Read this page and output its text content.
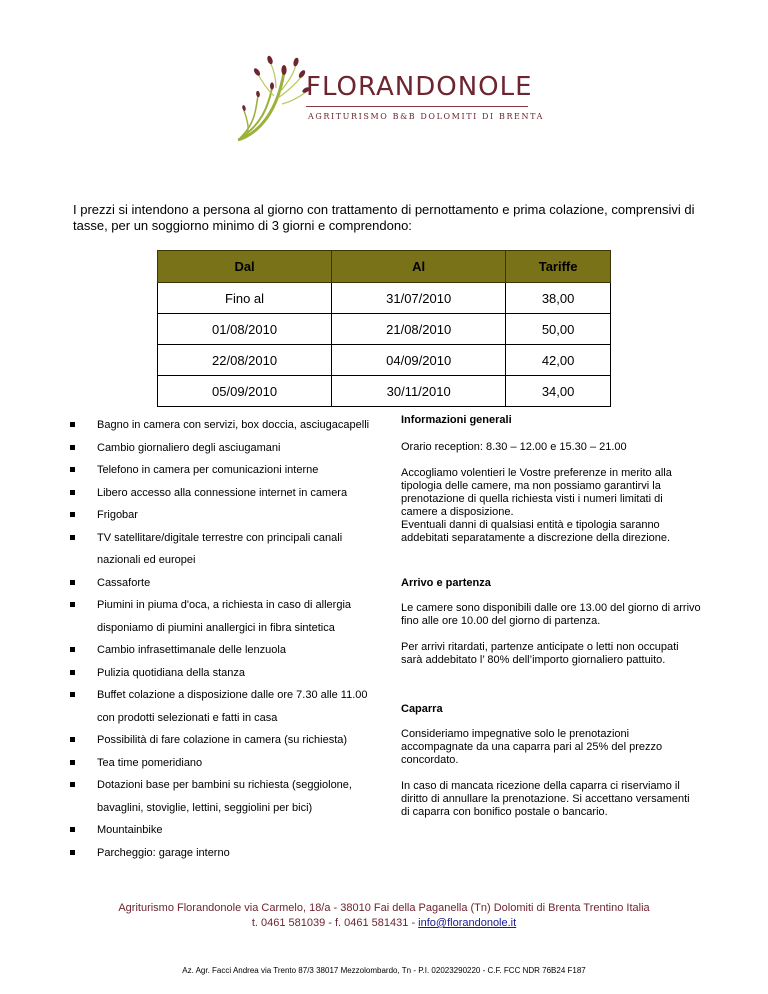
FLORANDONOLE
AGRITURISMO B&B DOLOMITI DI BRENTA
I prezzi si intendono a persona al giorno con trattamento di pernottamento e prima colazione, comprensivi di tasse, per un soggiorno minimo di 3 giorni e comprendono:
Dal	Al	Tariffe
Fino al	31/07/2010	38,00
01/08/2010	21/08/2010	50,00
22/08/2010	04/09/2010	42,00
05/09/2010	30/11/2010	34,00
Bagno in camera con servizi, box doccia, asciugacapelli
Cambio giornaliero degli asciugamani
Telefono in camera per comunicazioni interne
Libero accesso alla connessione internet in camera
Frigobar
TV satellitare/digitale terrestre con principali canali nazionali ed europei
Cassaforte
Piumini in piuma d'oca, a richiesta in caso di allergia disponiamo di piumini anallergici in fibra sintetica
Cambio infrasettimanale delle lenzuola
Pulizia quotidiana della stanza
Buffet colazione a disposizione dalle ore 7.30 alle 11.00 con prodotti selezionati e fatti in casa
Possibilità di fare colazione in camera (su richiesta)
Tea time pomeridiano
Dotazioni base per bambini su richiesta (seggiolone, bavaglini, stoviglie, lettini, seggiolini per bici)
Mountainbike
Parcheggio: garage interno
Informazioni generali

Orario reception: 8.30 – 12.00 e 15.30 – 21.00

Accogliamo volentieri le Vostre preferenze in merito alla tipologia delle camere, ma non possiamo garantirvi la prenotazione di quella richiesta visti i numeri limitati di camere a disposizione.

Eventuali danni di qualsiasi entità e tipologia saranno addebitati separatamente a discrezione della direzione.

Arrivo e partenza

Le camere sono disponibili dalle ore 13.00 del giorno di arrivo fino alle ore 10.00 del giorno di partenza.

Per arrivi ritardati, partenze anticipate o letti non occupati sarà addebitato l’ 80% dell’importo giornaliero pattuito.

Caparra

Consideriamo impegnative solo le prenotazioni accompagnate da una caparra pari al 25% del prezzo concordato.

In caso di mancata ricezione della caparra ci riserviamo il diritto di annullare la prenotazione. Si accettano versamenti di caparra con bonifico postale o bancario.

Agriturismo Florandonole via Carmelo, 18/a - 38010 Fai della Paganella (Tn) Dolomiti di Brenta Trentino Italia
t. 0461 581039 - f. 0461 581431 - info@florandonole.it
Az. Agr. Facci Andrea via Trento 87/3 38017 Mezzolombardo, Tn - P.I. 02023290220 - C.F. FCC NDR 76B24 F187
